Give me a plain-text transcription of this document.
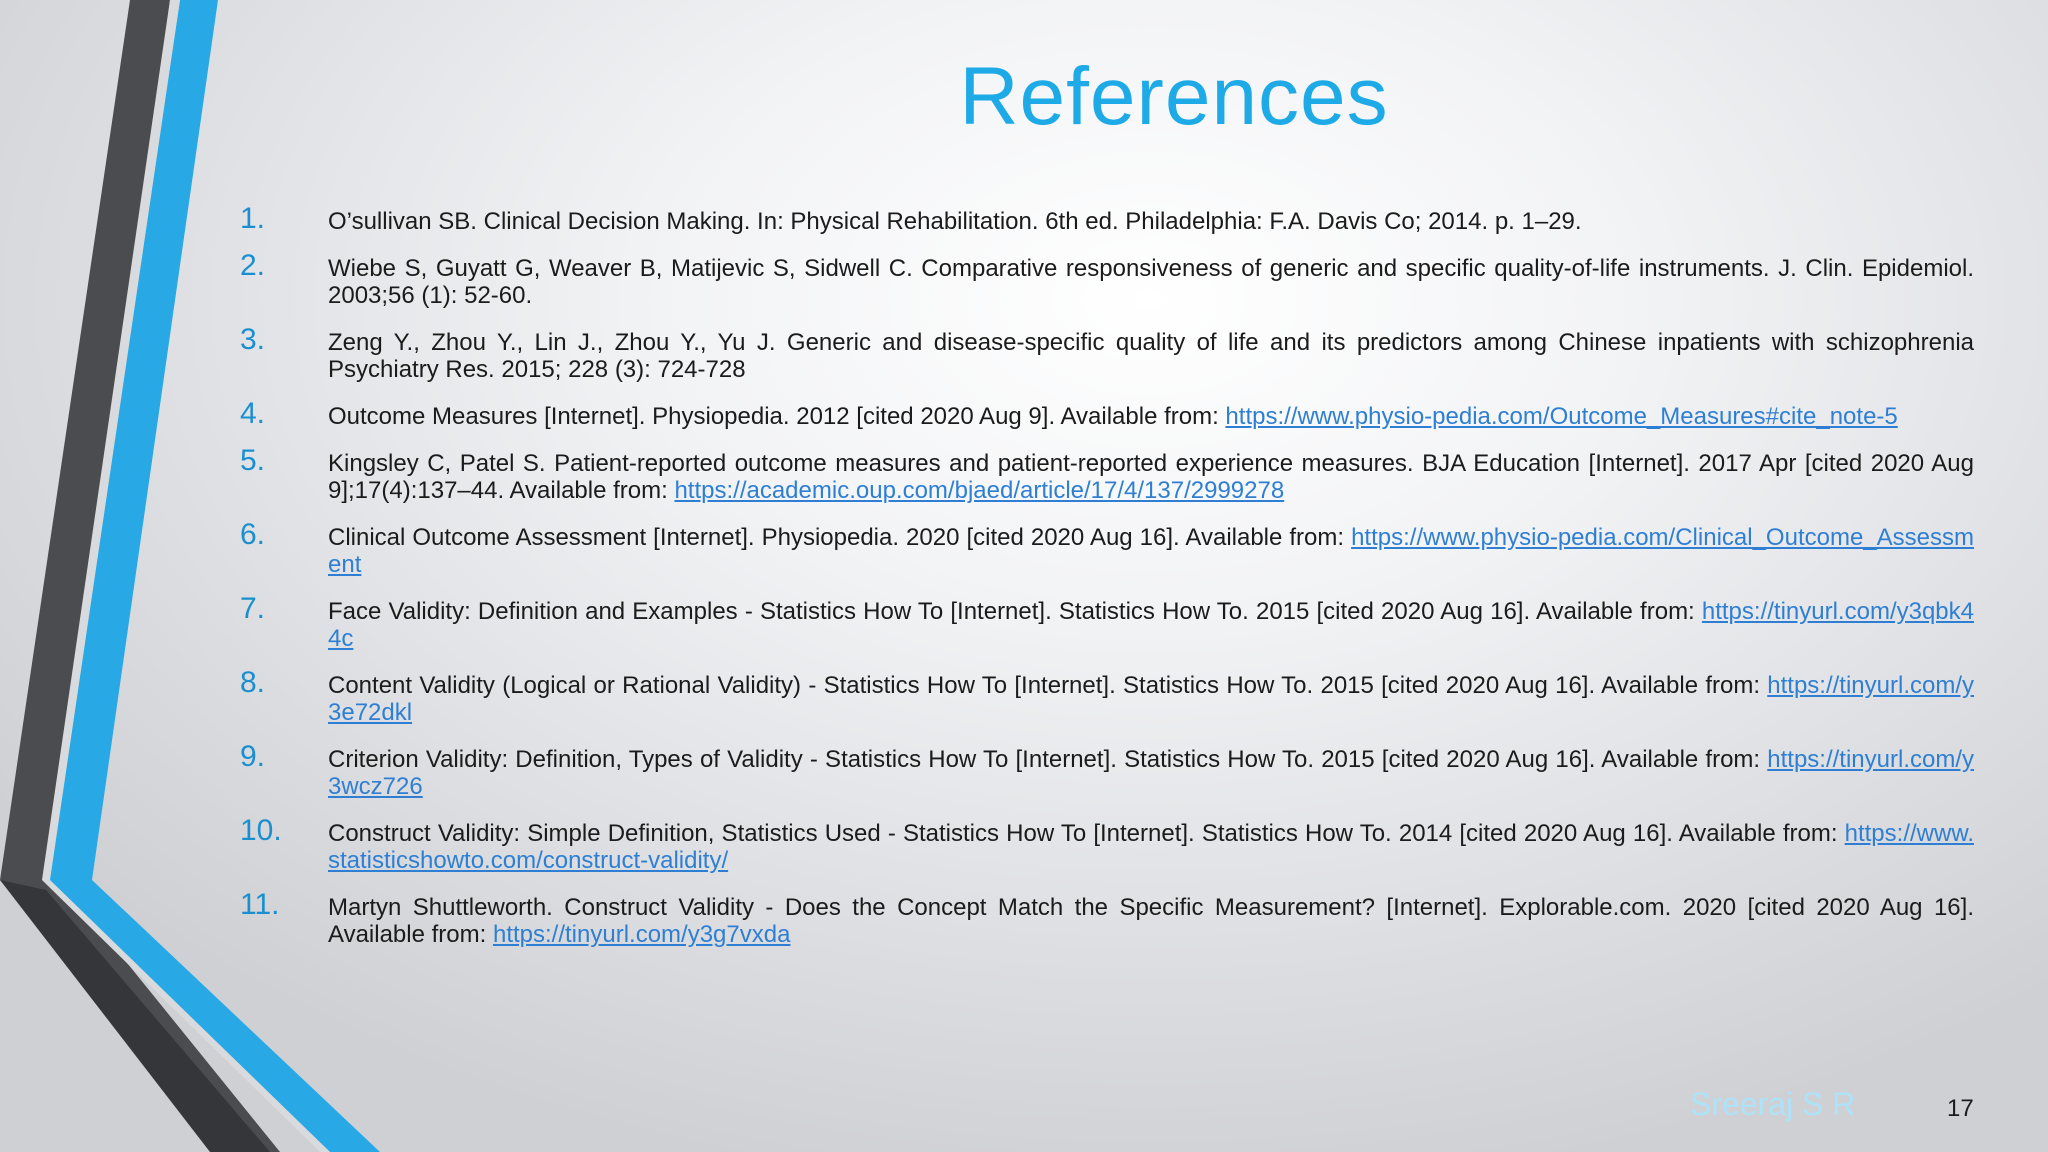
References
1.	O’sullivan SB. Clinical Decision Making. In: Physical Rehabilitation. 6th ed. Philadelphia: F.A. Davis Co; 2014. p. 1–29.
2.	Wiebe S, Guyatt G, Weaver B, Matijevic S, Sidwell C. Comparative responsiveness of generic and specific quality-of-life instruments. J. Clin. Epidemiol. 2003;56 (1): 52-60.
3.	Zeng Y., Zhou Y., Lin J., Zhou Y., Yu J. Generic and disease-specific quality of life and its predictors among Chinese inpatients with schizophrenia Psychiatry Res. 2015; 228 (3): 724-728
4.	Outcome Measures [Internet]. Physiopedia. 2012 [cited 2020 Aug 9]. Available from: https://www.physio-pedia.com/Outcome_Measures#cite_note-5
5.	Kingsley C, Patel S. Patient-reported outcome measures and patient-reported experience measures. BJA Education [Internet]. 2017 Apr [cited 2020 Aug 9];17(4):137–44. Available from: https://academic.oup.com/bjaed/article/17/4/137/2999278
6.	Clinical Outcome Assessment [Internet]. Physiopedia. 2020 [cited 2020 Aug 16]. Available from: https://www.physio-pedia.com/Clinical_Outcome_Assessment
7.	Face Validity: Definition and Examples - Statistics How To [Internet]. Statistics How To. 2015 [cited 2020 Aug 16]. Available from: https://tinyurl.com/y3qbk44c
8.	Content Validity (Logical or Rational Validity) - Statistics How To [Internet]. Statistics How To. 2015 [cited 2020 Aug 16]. Available from: https://tinyurl.com/y3e72dkl
9.	Criterion Validity: Definition, Types of Validity - Statistics How To [Internet]. Statistics How To. 2015 [cited 2020 Aug 16]. Available from: https://tinyurl.com/y3wcz726
10.	Construct Validity: Simple Definition, Statistics Used - Statistics How To [Internet]. Statistics How To. 2014 [cited 2020 Aug 16]. Available from: https://www.statisticshowto.com/construct-validity/
11.	Martyn Shuttleworth. Construct Validity - Does the Concept Match the Specific Measurement? [Internet]. Explorable.com. 2020 [cited 2020 Aug 16]. Available from: https://tinyurl.com/y3g7vxda
Sreeraj S R	17
